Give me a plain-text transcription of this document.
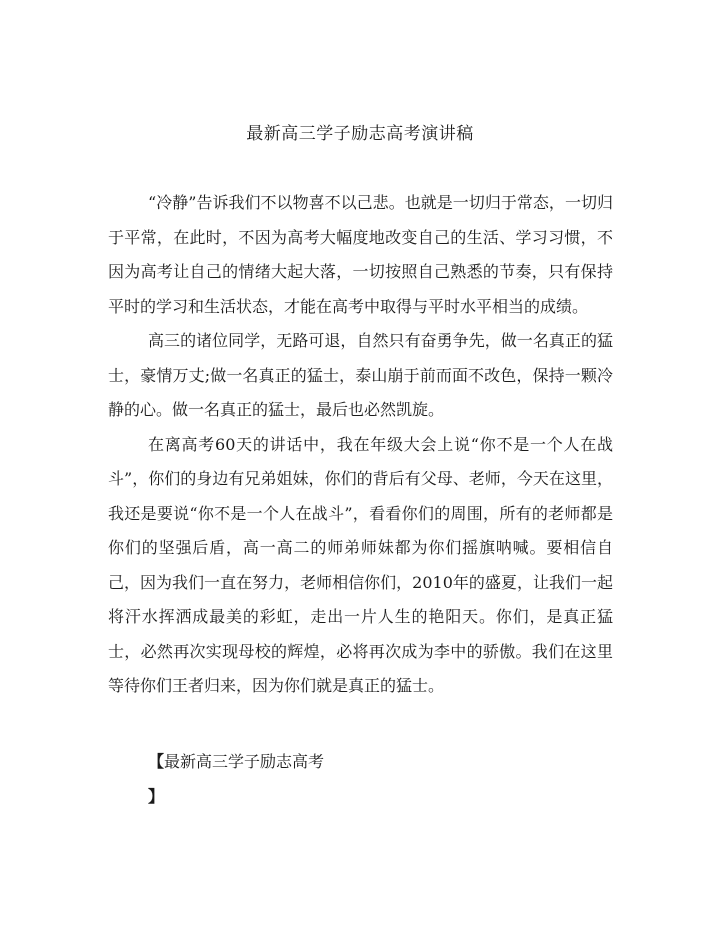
最新高三学子励志高考演讲稿

“冷静”告诉我们不以物喜不以己悲。也就是一切归于常态，一切归于平常，在此时，不因为高考大幅度地改变自己的生活、学习习惯，不因为高考让自己的情绪大起大落，一切按照自己熟悉的节奏，只有保持平时的学习和生活状态，才能在高考中取得与平时水平相当的成绩。

高三的诸位同学，无路可退，自然只有奋勇争先，做一名真正的猛士，豪情万丈;做一名真正的猛士，泰山崩于前而面不改色，保持一颗冷静的心。做一名真正的猛士，最后也必然凯旋。

在离高考60天的讲话中，我在年级大会上说“你不是一个人在战斗”，你们的身边有兄弟姐妹，你们的背后有父母、老师，今天在这里，我还是要说“你不是一个人在战斗”，看看你们的周围，所有的老师都是你们的坚强后盾，高一高二的师弟师妹都为你们摇旗呐喊。要相信自己，因为我们一直在努力，老师相信你们，2010年的盛夏，让我们一起将汗水挥洒成最美的彩虹，走出一片人生的艳阳天。你们，是真正猛士，必然再次实现母校的辉煌，必将再次成为李中的骄傲。我们在这里等待你们王者归来，因为你们就是真正的猛士。

【最新高三学子励志高考
】
